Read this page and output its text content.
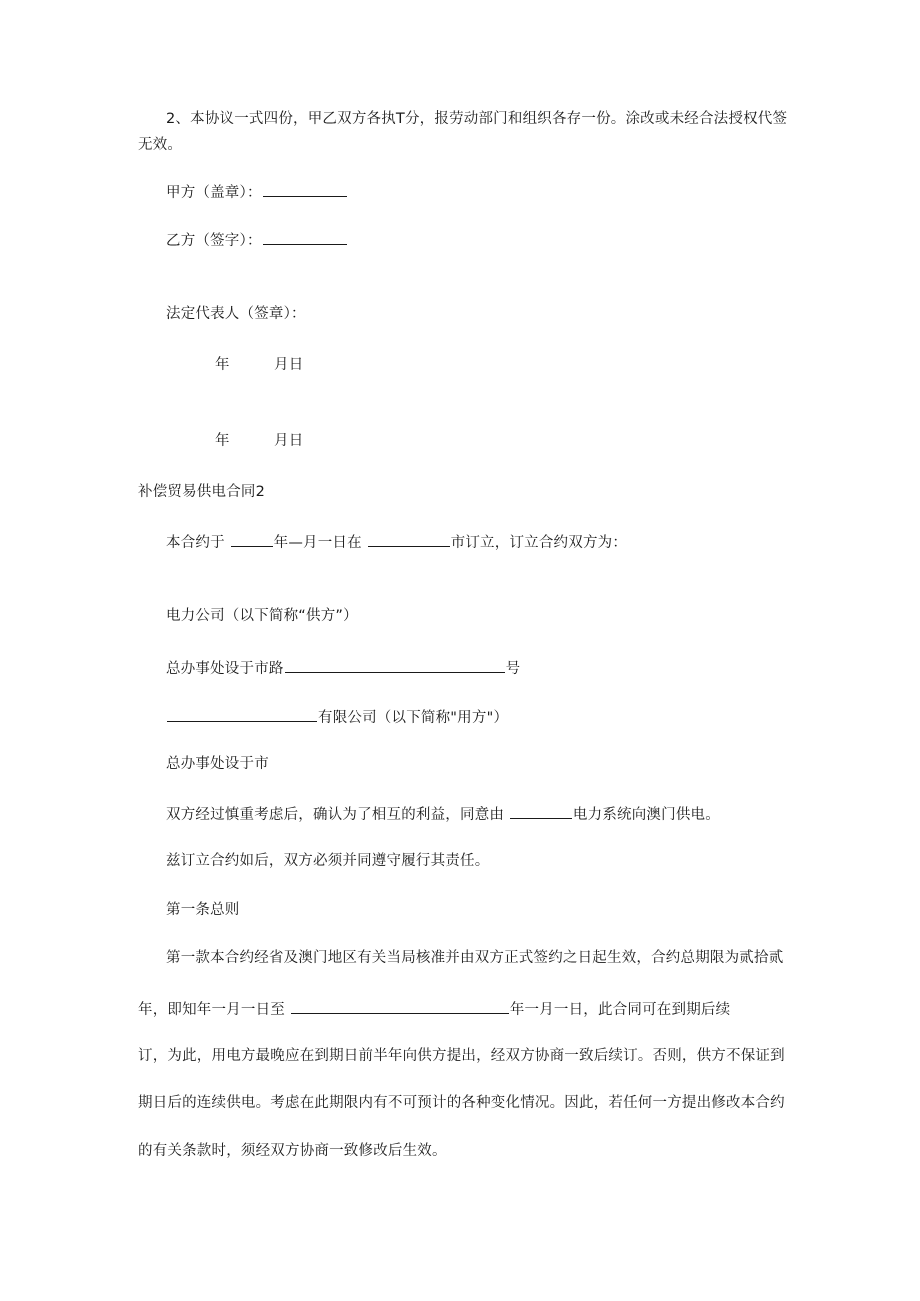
2、本协议一式四份，甲乙双方各执T分，报劳动部门和组织各存一份。涂改或未经合法授权代签
无效。
甲方（盖章）：
乙方（签字）：
法定代表人（签章）：
年	月日
年	月日
补偿贸易供电合同2
本合约于	年—月一日在	市订立，订立合约双方为：
电力公司（以下简称“供方”）
总办事处设于市路	号
有限公司（以下简称"用方"）
总办事处设于市
双方经过慎重考虑后，确认为了相互的利益，同意由	电力系统向澳门供电。
兹订立合约如后，双方必须并同遵守履行其责任。
第一条总则
第一款本合约经省及澳门地区有关当局核准并由双方正式签约之日起生效，合约总期限为贰拾贰
年，即知年一月一日至	年一月一日，此合同可在到期后续
订，为此，用电方最晚应在到期日前半年向供方提出，经双方协商一致后续订。否则，供方不保证到
期日后的连续供电。考虑在此期限内有不可预计的各种变化情况。因此，若任何一方提出修改本合约
的有关条款时，须经双方协商一致修改后生效。
